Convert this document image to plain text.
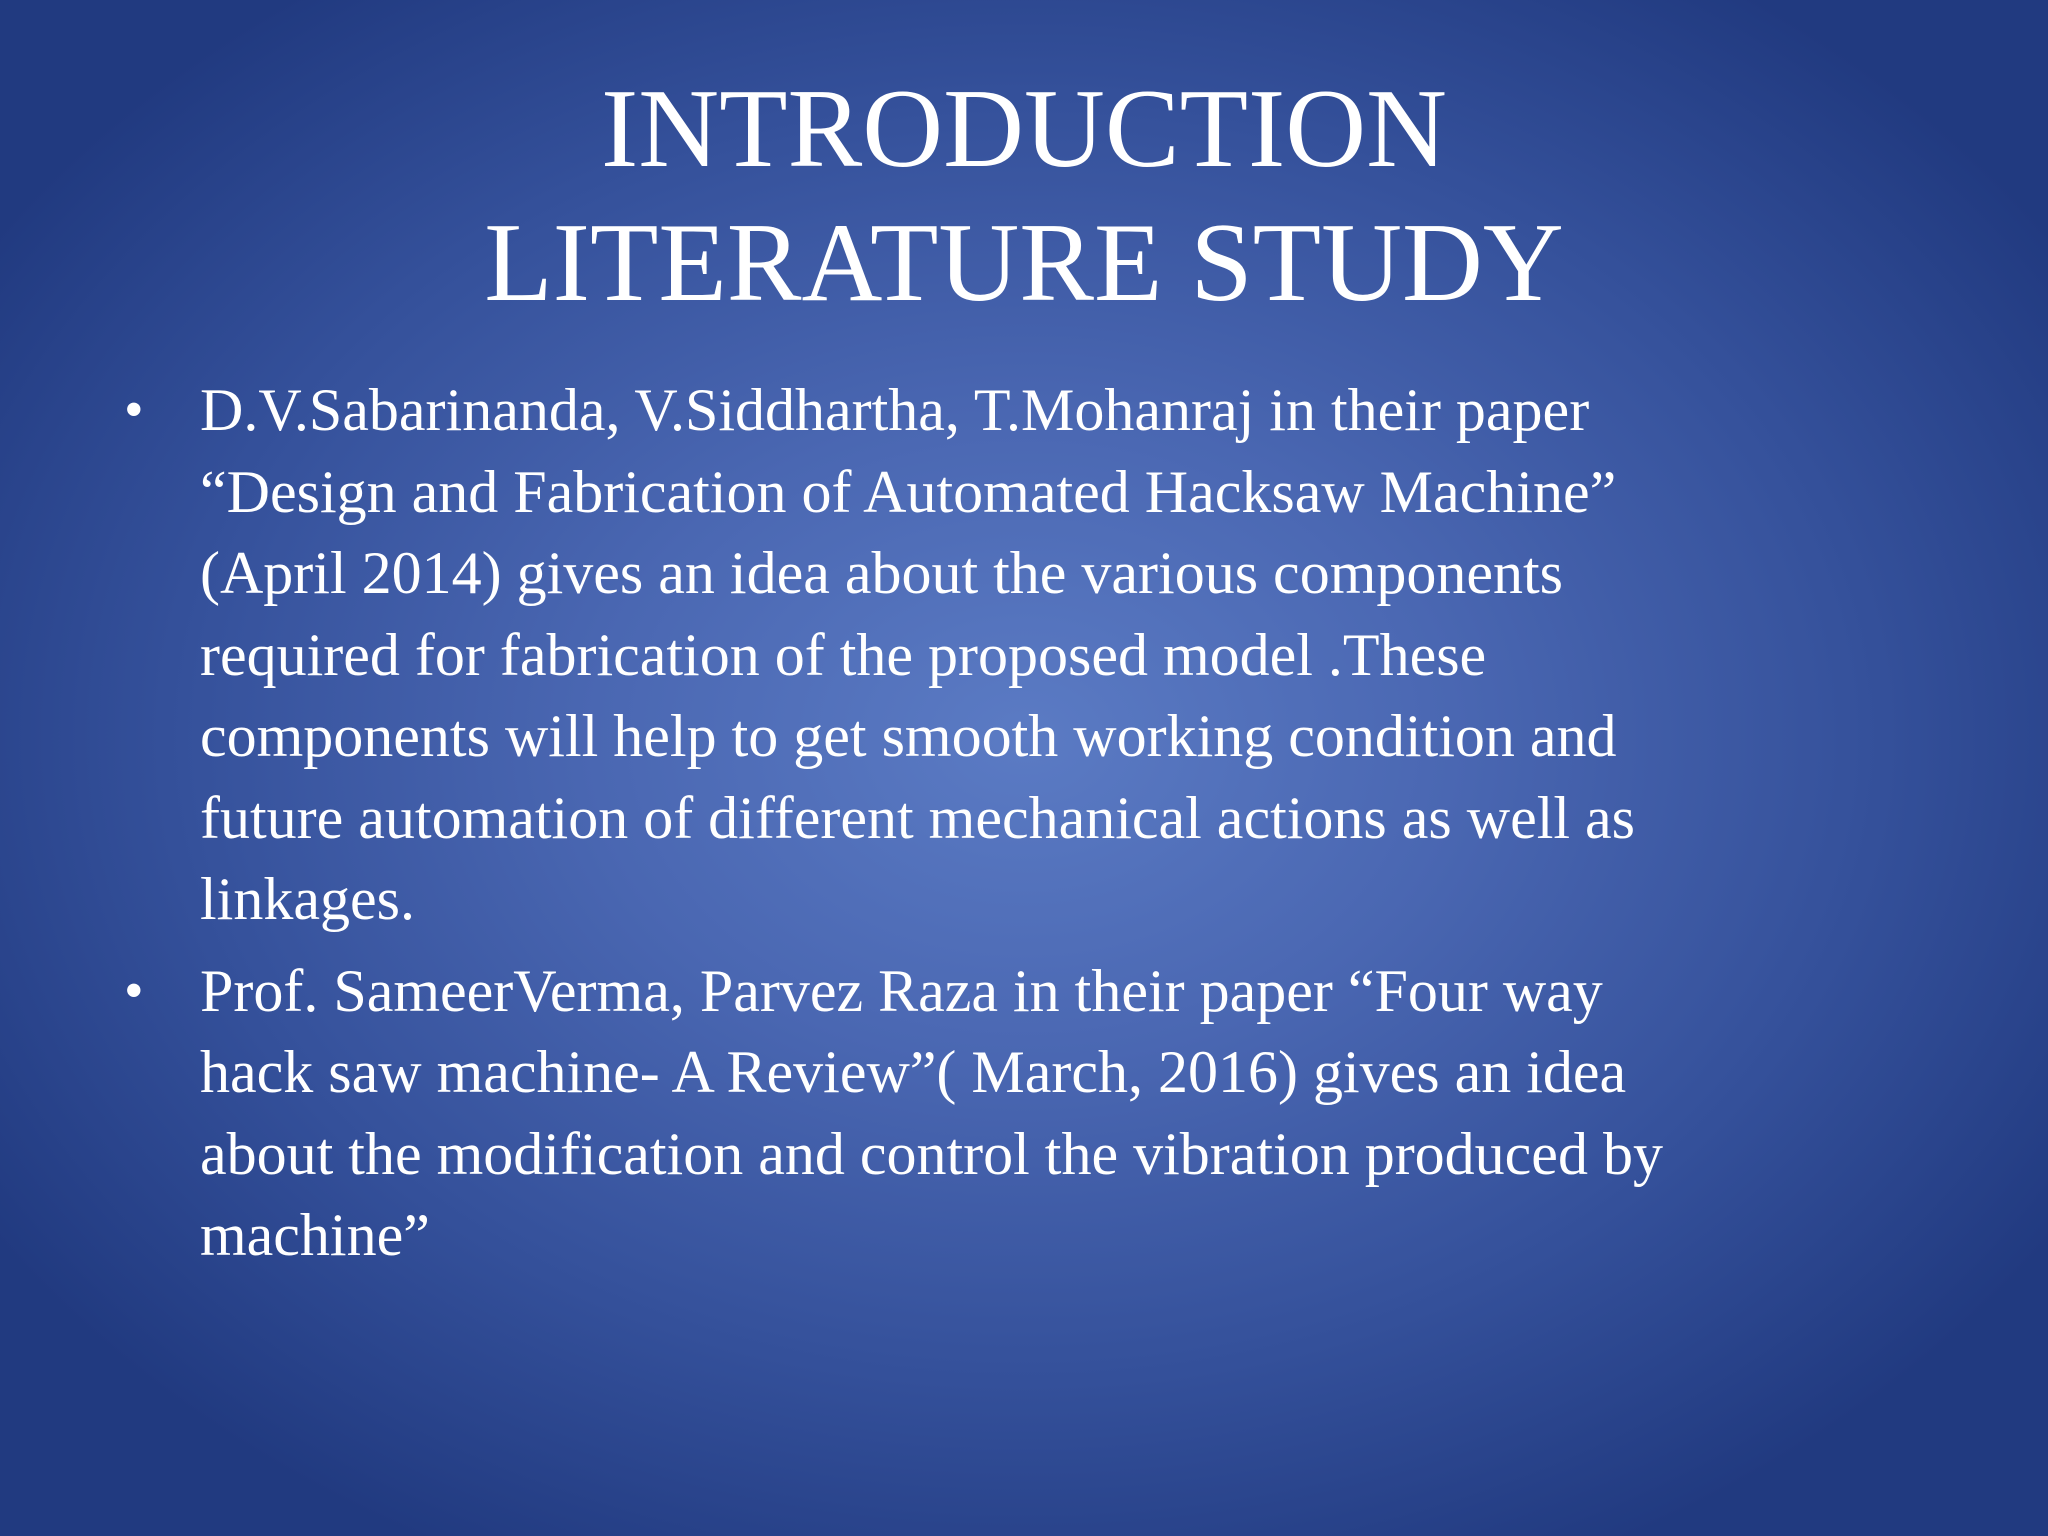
INTRODUCTION
LITERATURE STUDY
• D.V.Sabarinanda, V.Siddhartha, T.Mohanraj in their paper
“Design and Fabrication of Automated Hacksaw Machine”
(April 2014) gives an idea about the various components
required for fabrication of the proposed model .These
components will help to get smooth working condition and
future automation of different mechanical actions as well as
linkages.
• Prof. SameerVerma, Parvez Raza in their paper “Four way
hack saw machine- A Review”( March, 2016) gives an idea
about the modification and control the vibration produced by
machine”
